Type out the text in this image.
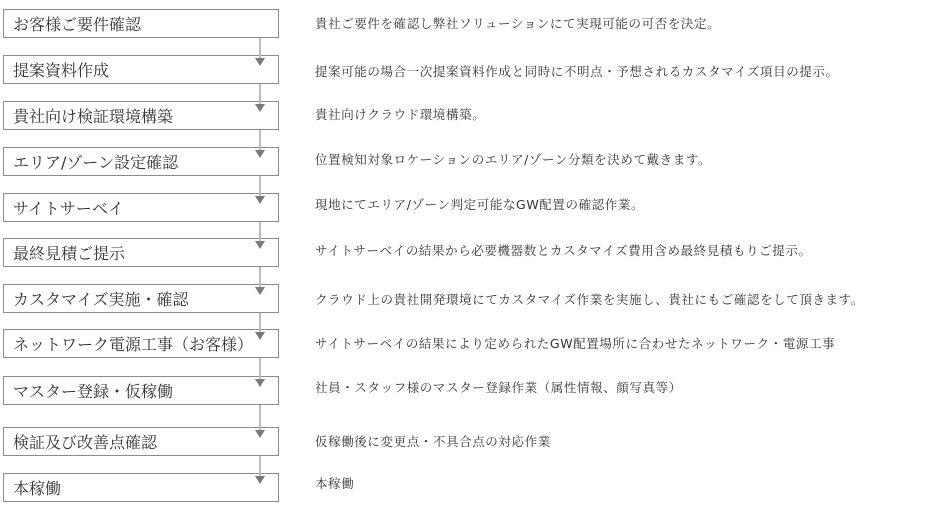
お客様ご要件確認
提案資料作成
貴社向け検証環境構築
エリア/ゾーン設定確認
サイトサーベイ
最終見積ご提示
カスタマイズ実施・確認
ネットワーク電源工事（お客様）
マスター登録・仮稼働
検証及び改善点確認
本稼働
貴社ご要件を確認し弊社ソリューションにて実現可能の可否を決定。
提案可能の場合一次提案資料作成と同時に不明点・予想されるカスタマイズ項目の提示。
貴社向けクラウド環境構築。
位置検知対象ロケーションのエリア/ゾーン分類を決めて戴きます。
現地にてエリア/ゾーン判定可能なGW配置の確認作業。
サイトサーベイの結果から必要機器数とカスタマイズ費用含め最終見積もりご提示。
クラウド上の貴社開発環境にてカスタマイズ作業を実施し、貴社にもご確認をして頂きます。
サイトサーベイの結果により定められたGW配置場所に合わせたネットワーク・電源工事
社員・スタッフ様のマスター登録作業（属性情報、顔写真等）
仮稼働後に変更点・不具合点の対応作業
本稼働
